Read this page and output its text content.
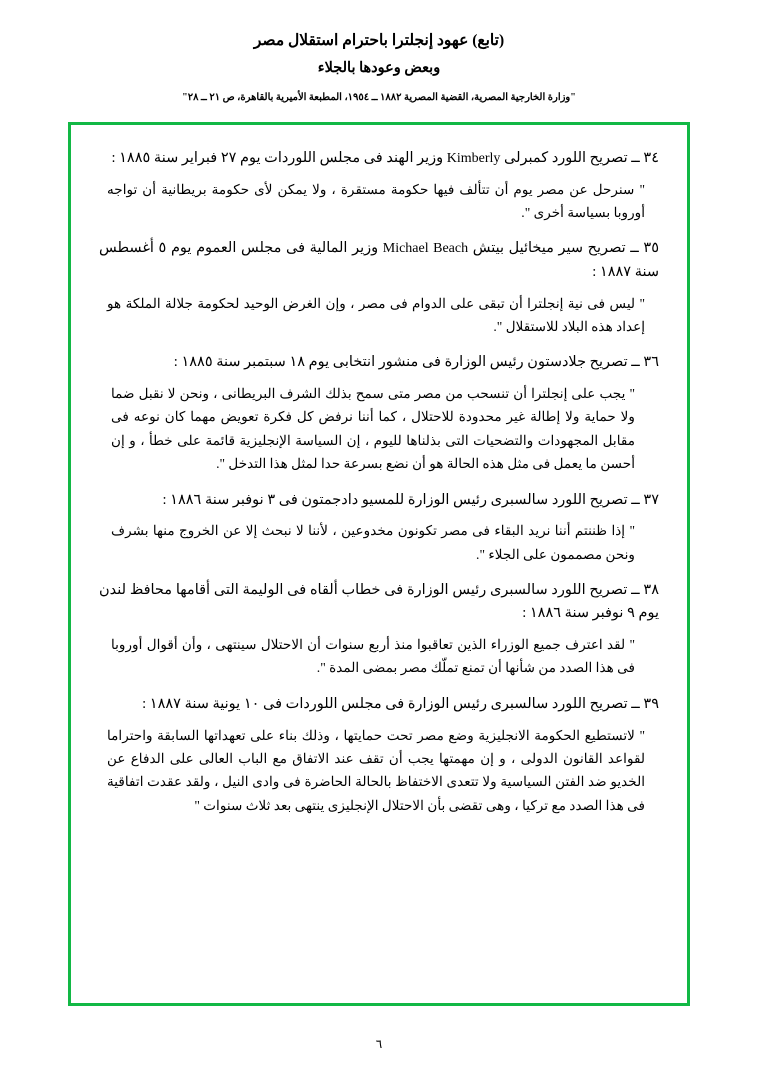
(تابع) عهود إنجلترا باحترام استقلال مصر
وبعض وعودها بالجلاء
"وزارة الخارجية المصرية، القضية المصرية ١٨٨٢ ــ ١٩٥٤، المطبعة الأميرية بالقاهرة، ص ٢١ ــ ٢٨"
٣٤ ــ تصريح اللورد كمبرلى Kimberly وزير الهند فى مجلس اللوردات يوم ٢٧ فبراير سنة ١٨٨٥ :
" سنرحل عن مصر يوم أن تتألف فيها حكومة مستقرة ، ولا يمكن لأى حكومة بريطانية أن تواجه أوروبا بسياسة أخرى ".
٣٥ ــ تصريح سير ميخائيل بيتش Michael Beach وزير المالية فى مجلس العموم يوم ٥ أغسطس سنة ١٨٨٧ :
" ليس فى نية إنجلترا أن تبقى على الدوام فى مصر ، وإن الغرض الوحيد لحكومة جلالة الملكة هو إعداد هذه البلاد للاستقلال ".
٣٦ ــ تصريح جلادستون رئيس الوزارة فى منشور انتخابى يوم ١٨ سبتمبر سنة ١٨٨٥ :
" يجب على إنجلترا أن تنسحب من مصر متى سمح بذلك الشرف البريطانى ، ونحن لا نقبل ضما ولا حماية ولا إطالة غير محدودة للاحتلال ، كما أننا نرفض كل فكرة تعويض مهما كان نوعه فى مقابل المجهودات والتضحيات التى بذلناها لليوم ، إن السياسة الإنجليزية قائمة على خطأ ، و إن أحسن ما يعمل فى مثل هذه الحالة هو أن نضع بسرعة حدا لمثل هذا التدخل ".
٣٧ ــ تصريح اللورد سالسبرى رئيس الوزارة للمسيو دادجمتون فى ٣ نوفبر سنة ١٨٨٦ :
" إذا ظننتم أننا نريد البقاء فى مصر تكونون مخدوعين ، لأننا لا نبحث إلا عن الخروج منها بشرف ونحن مصممون على الجلاء ".
٣٨ ــ تصريح اللورد سالسبرى رئيس الوزارة فى خطاب ألقاه فى الوليمة التى أقامها محافظ لندن يوم ٩ نوفبر سنة ١٨٨٦ :
" لقد اعترف جميع الوزراء الذين تعاقبوا منذ أربع سنوات أن الاحتلال سينتهى ، وأن أقوال أوروبا فى هذا الصدد من شأنها أن تمنع تملّك مصر بمضى المدة ".
٣٩ ــ تصريح اللورد سالسبرى رئيس الوزارة فى مجلس اللوردات فى ١٠ يونية سنة ١٨٨٧ :
" لاتستطيع الحكومة الانجليزية وضع مصر تحت حمايتها ، وذلك بناء على تعهداتها السابقة واحتراما لقواعد القانون الدولى ، و إن مهمتها يجب أن تقف عند الاتفاق مع الباب العالى على الدفاع عن الخديو ضد الفتن السياسية ولا تتعدى الاختفاظ بالحالة الحاضرة فى وادى النيل ، ولقد عقدت اتفاقية فى هذا الصدد مع تركيا ، وهى تقضى بأن الاحتلال الإنجليزى ينتهى بعد ثلاث سنوات "
٦
